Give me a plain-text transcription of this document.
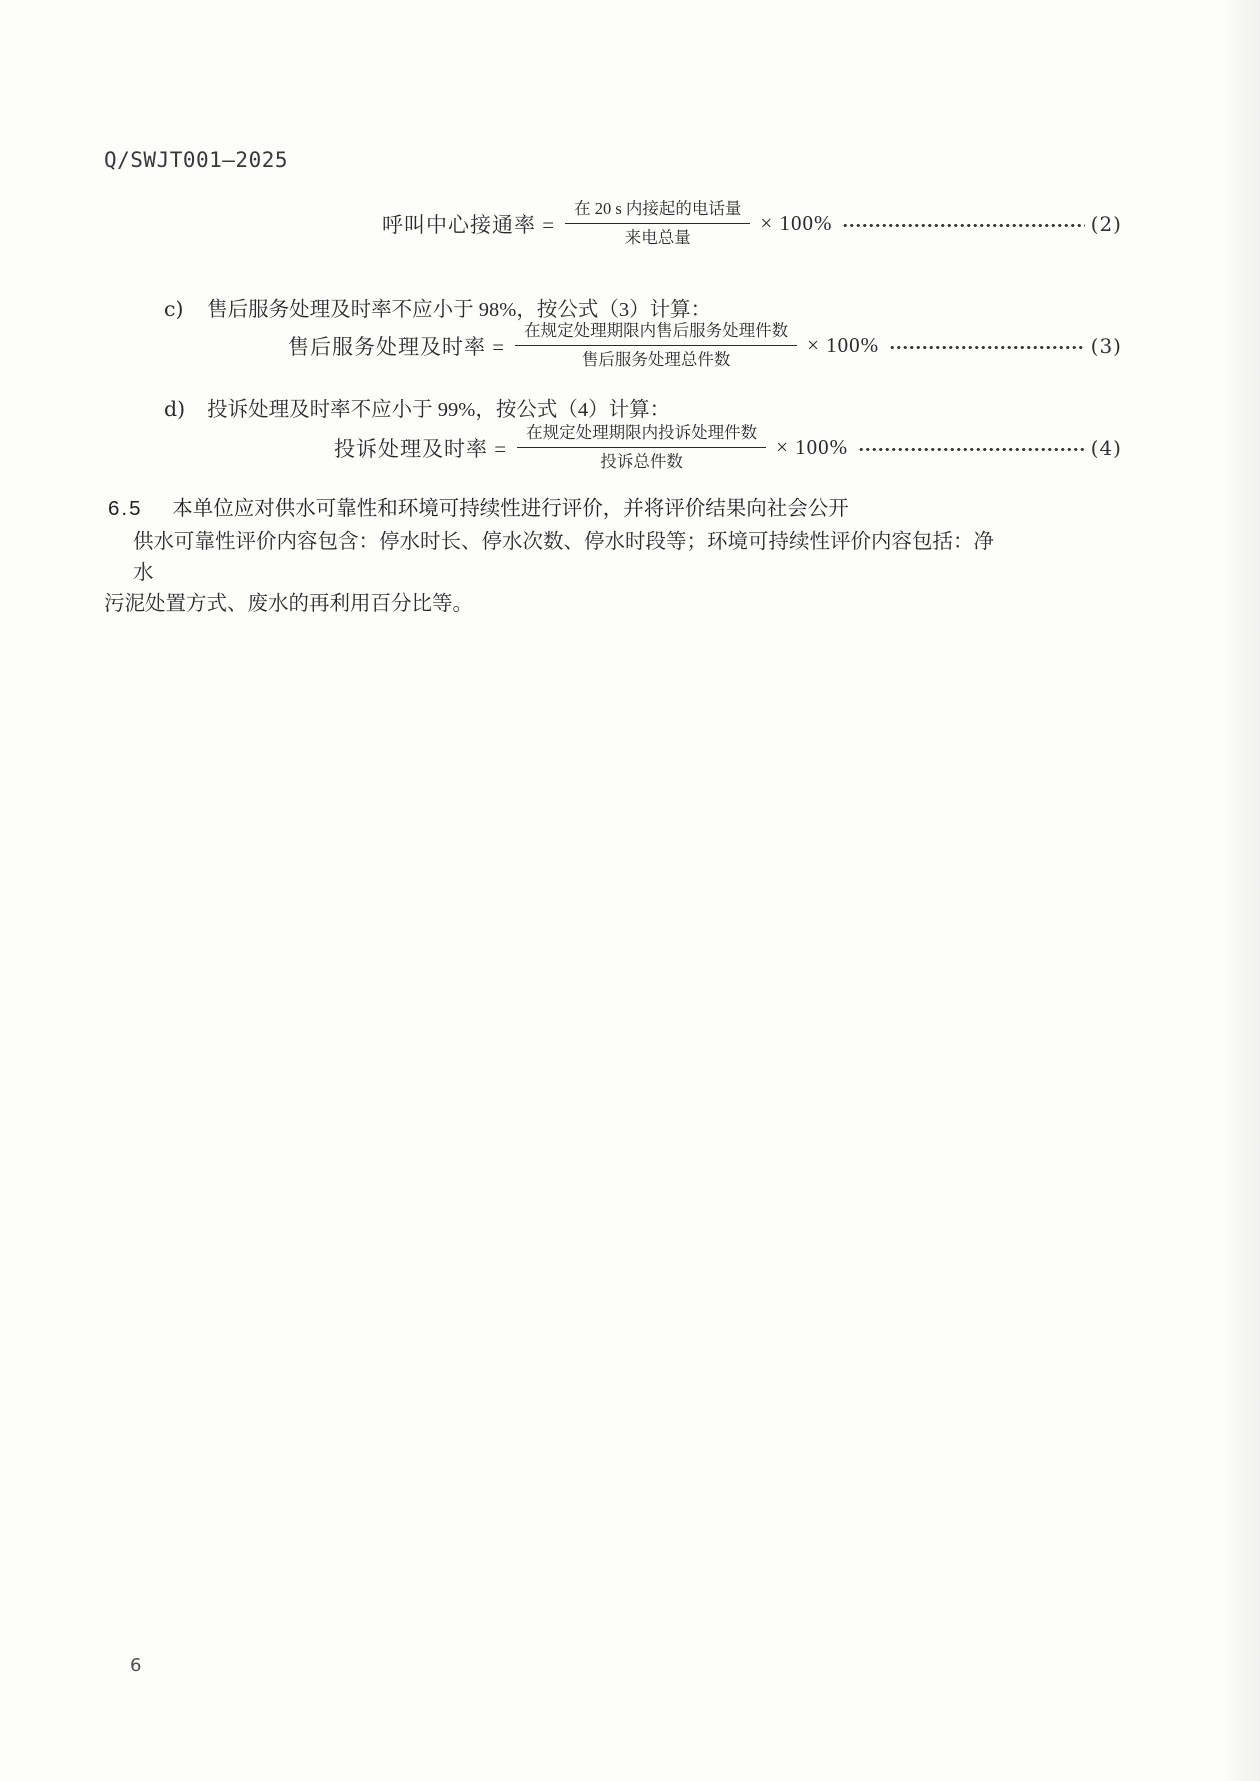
Q/SWJT001—2025
呼叫中心接通率 = $\frac{\text{在 20 s 内接起的电话量}}{\text{来电总量}} \times 100\%$	(2)
c) 售后服务处理及时率不应小于 98%，按公式（3）计算：
售后服务处理及时率 = $\frac{\text{在规定处理期限内售后服务处理件数}}{\text{售后服务处理总件数}} \times 100\%$	(3)
d) 投诉处理及时率不应小于 99%，按公式（4）计算：
投诉处理及时率 = $\frac{\text{在规定处理期限内投诉处理件数}}{\text{投诉总件数}} \times 100\%$	(4)
6.5 本单位应对供水可靠性和环境可持续性进行评价，并将评价结果向社会公开
供水可靠性评价内容包含：停水时长、停水次数、停水时段等；环境可持续性评价内容包括：净水
污泥处置方式、废水的再利用百分比等。
6
